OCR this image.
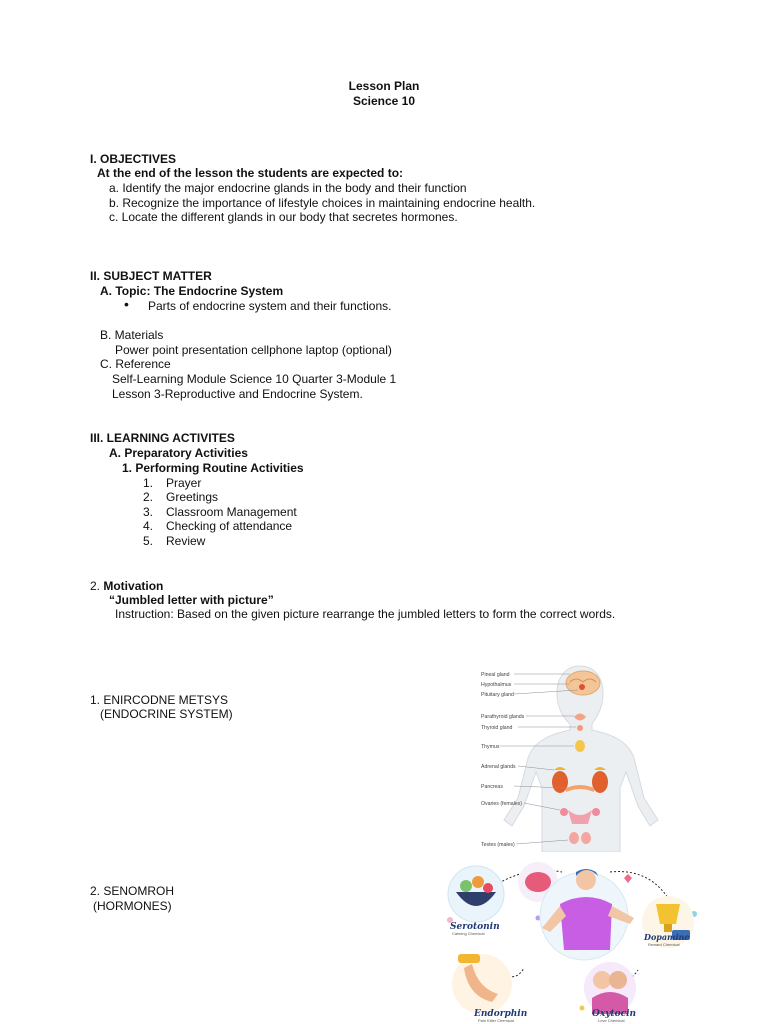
Lesson Plan
Science 10
I. OBJECTIVES
At the end of the lesson the students are expected to:
a. Identify the major endocrine glands in the body and their function
b. Recognize the importance of lifestyle choices in maintaining endocrine health.
c. Locate the different glands in our body that secretes hormones.
II. SUBJECT MATTER
A. Topic: The Endocrine System
• Parts of endocrine system and their functions.
B. Materials
Power point presentation cellphone laptop (optional)
C. Reference
Self-Learning Module Science 10 Quarter 3-Module 1
Lesson 3-Reproductive and Endocrine System.
III. LEARNING ACTIVITES
A. Preparatory Activities
1. Performing Routine Activities
1. Prayer
2. Greetings
3. Classroom Management
4. Checking of attendance
5. Review
2. Motivation
“Jumbled letter with picture”
Instruction: Based on the given picture rearrange the jumbled letters to form the correct words.
1. ENIRCODNE METSYS
(ENDOCRINE SYSTEM)
2. SENOMROH
(HORMONES)
Pineal gland
Hypothalmus
Pituitary gland
Parathyroid glands
Thyroid gland
Thymus
Adrenal glands
Pancreas
Ovaries (females)
Testes (males)
Serotonin
Dopamine
Endorphin	Oxytocin
Calming Chemical
Reward Chemical
Pain Killer Chemical	Love Chemical
